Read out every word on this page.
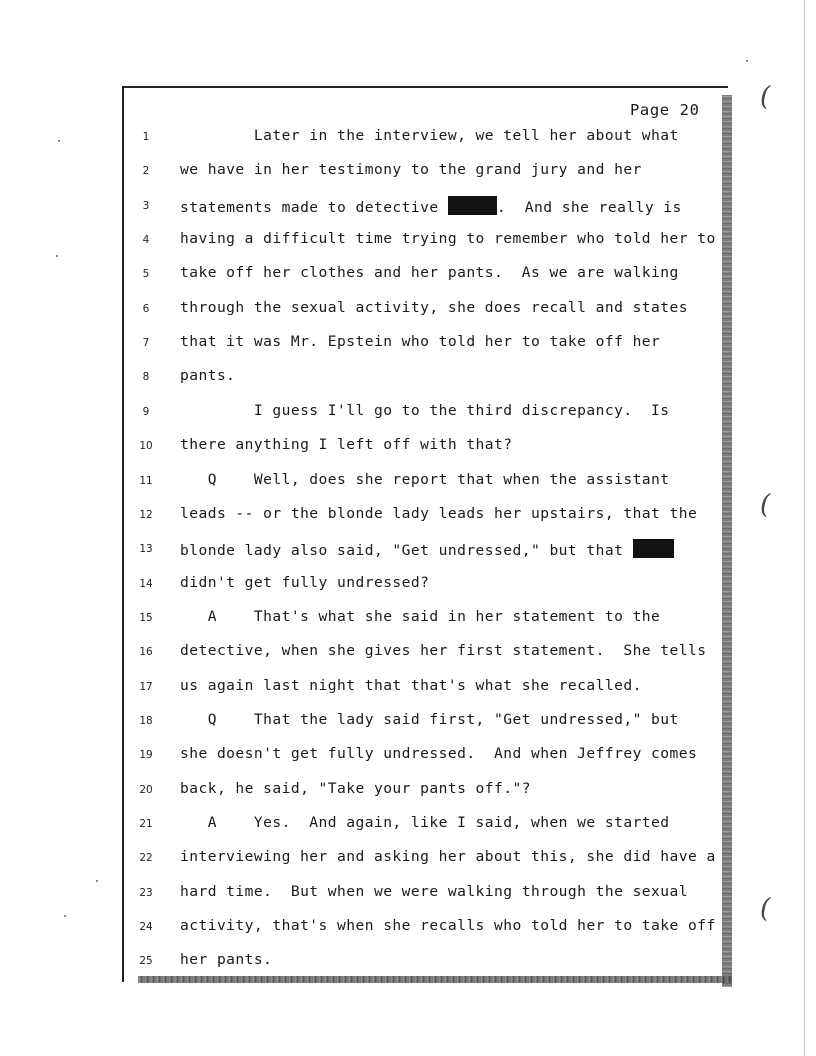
Page 20
1	Later in the interview, we tell her about what
2	we have in her testimony to the grand jury and her
3	statements made to detective	.  And she really is
4	having a difficult time trying to remember who told her to
5	take off her clothes and her pants.  As we are walking
6	through the sexual activity, she does recall and states
7	that it was Mr. Epstein who told her to take off her
8	pants.
9	I guess I'll go to the third discrepancy.  Is
10 there anything I left off with that?
11 Q    Well, does she report that when the assistant
12 leads -- or the blonde lady leads her upstairs, that the
13 blonde lady also said, "Get undressed," but that
14 didn't get fully undressed?
15 A    That's what she said in her statement to the
16 detective, when she gives her first statement.  She tells
17 us again last night that that's what she recalled.
18 Q    That the lady said first, "Get undressed," but
19 she doesn't get fully undressed.  And when Jeffrey comes
20 back, he said, "Take your pants off."?
21 A    Yes.  And again, like I said, when we started
22 interviewing her and asking her about this, she did have a
23 hard time.  But when we were walking through the sexual
24 activity, that's when she recalls who told her to take off
25 her pants.
(
(
(
